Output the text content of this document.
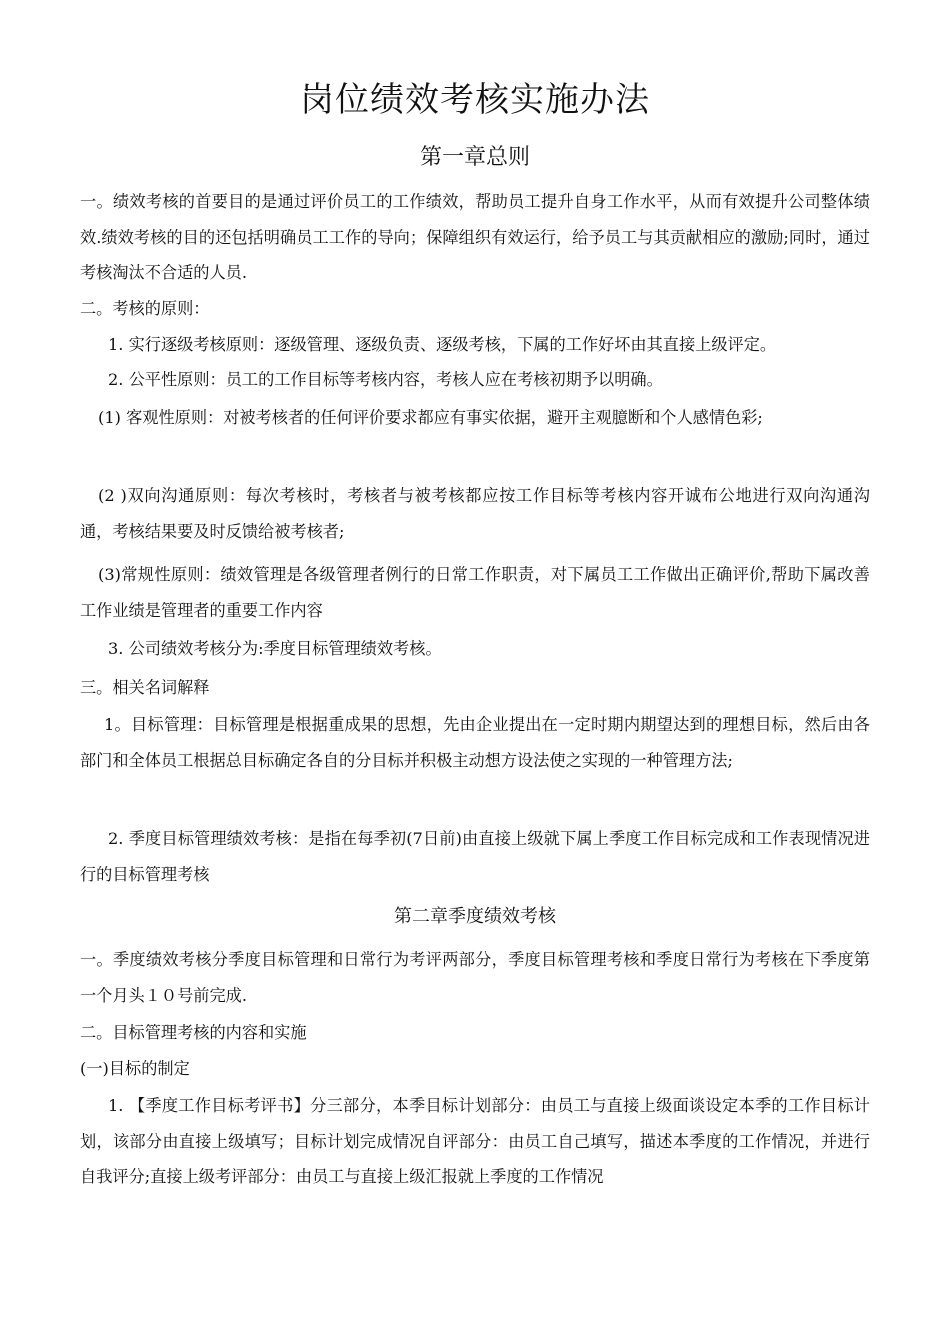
岗位绩效考核实施办法
第一章总则

一。绩效考核的首要目的是通过评价员工的工作绩效，帮助员工提升自身工作水平，从而有效提升公司整体绩效.绩效考核的目的还包括明确员工工作的导向；保障组织有效运行，给予员工与其贡献相应的激励;同时，通过考核淘汰不合适的人员.

二。考核的原则：

1. 实行逐级考核原则：逐级管理、逐级负责、逐级考核，下属的工作好坏由其直接上级评定。

2. 公平性原则：员工的工作目标等考核内容，考核人应在考核初期予以明确。

(1) 客观性原则：对被考核者的任何评价要求都应有事实依据，避开主观臆断和个人感情色彩;

(2 )双向沟通原则：每次考核时，考核者与被考核都应按工作目标等考核内容开诚布公地进行双向沟通沟通，考核结果要及时反馈给被考核者;

(3)常规性原则：绩效管理是各级管理者例行的日常工作职责，对下属员工工作做出正确评价,帮助下属改善工作业绩是管理者的重要工作内容

3. 公司绩效考核分为:季度目标管理绩效考核。

三。相关名词解释

1。目标管理：目标管理是根据重成果的思想，先由企业提出在一定时期内期望达到的理想目标，然后由各部门和全体员工根据总目标确定各自的分目标并积极主动想方设法使之实现的一种管理方法;

2. 季度目标管理绩效考核：是指在每季初(7日前)由直接上级就下属上季度工作目标完成和工作表现情况进行的目标管理考核

第二章季度绩效考核

一。季度绩效考核分季度目标管理和日常行为考评两部分，季度目标管理考核和季度日常行为考核在下季度第一个月头１０号前完成.

二。目标管理考核的内容和实施

(一)目标的制定

1. 【季度工作目标考评书】分三部分，本季目标计划部分：由员工与直接上级面谈设定本季的工作目标计划，该部分由直接上级填写；目标计划完成情况自评部分：由员工自己填写，描述本季度的工作情况，并进行自我评分;直接上级考评部分：由员工与直接上级汇报就上季度的工作情况
